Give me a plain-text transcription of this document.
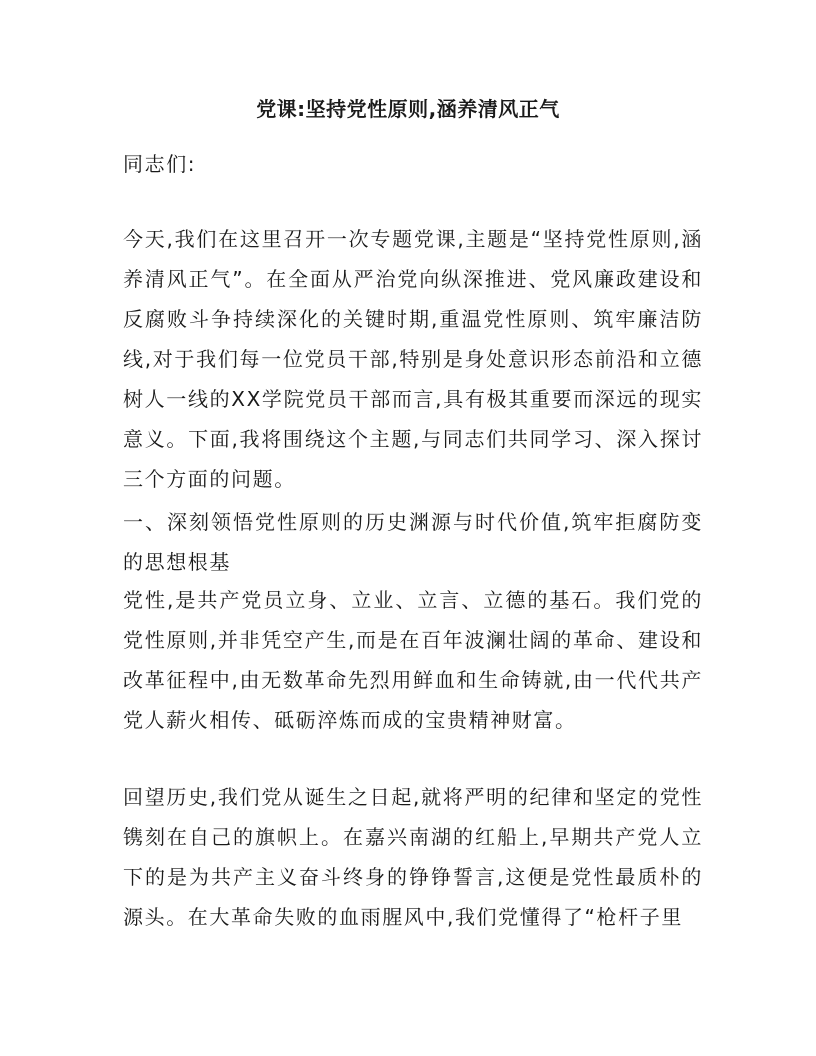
党课:坚持党性原则,涵养清风正气

同志们:

今天,我们在这里召开一次专题党课,主题是“坚持党性原则,涵养清风正气”。在全面从严治党向纵深推进、党风廉政建设和反腐败斗争持续深化的关键时期,重温党性原则、筑牢廉洁防线,对于我们每一位党员干部,特别是身处意识形态前沿和立德树人一线的XX学院党员干部而言,具有极其重要而深远的现实意义。下面,我将围绕这个主题,与同志们共同学习、深入探讨三个方面的问题。

一、深刻领悟党性原则的历史渊源与时代价值,筑牢拒腐防变的思想根基

党性,是共产党员立身、立业、立言、立德的基石。我们党的党性原则,并非凭空产生,而是在百年波澜壮阔的革命、建设和改革征程中,由无数革命先烈用鲜血和生命铸就,由一代代共产党人薪火相传、砥砺淬炼而成的宝贵精神财富。

回望历史,我们党从诞生之日起,就将严明的纪律和坚定的党性镌刻在自己的旗帜上。在嘉兴南湖的红船上,早期共产党人立下的是为共产主义奋斗终身的铮铮誓言,这便是党性最质朴的源头。在大革命失败的血雨腥风中,我们党懂得了“枪杆子里
